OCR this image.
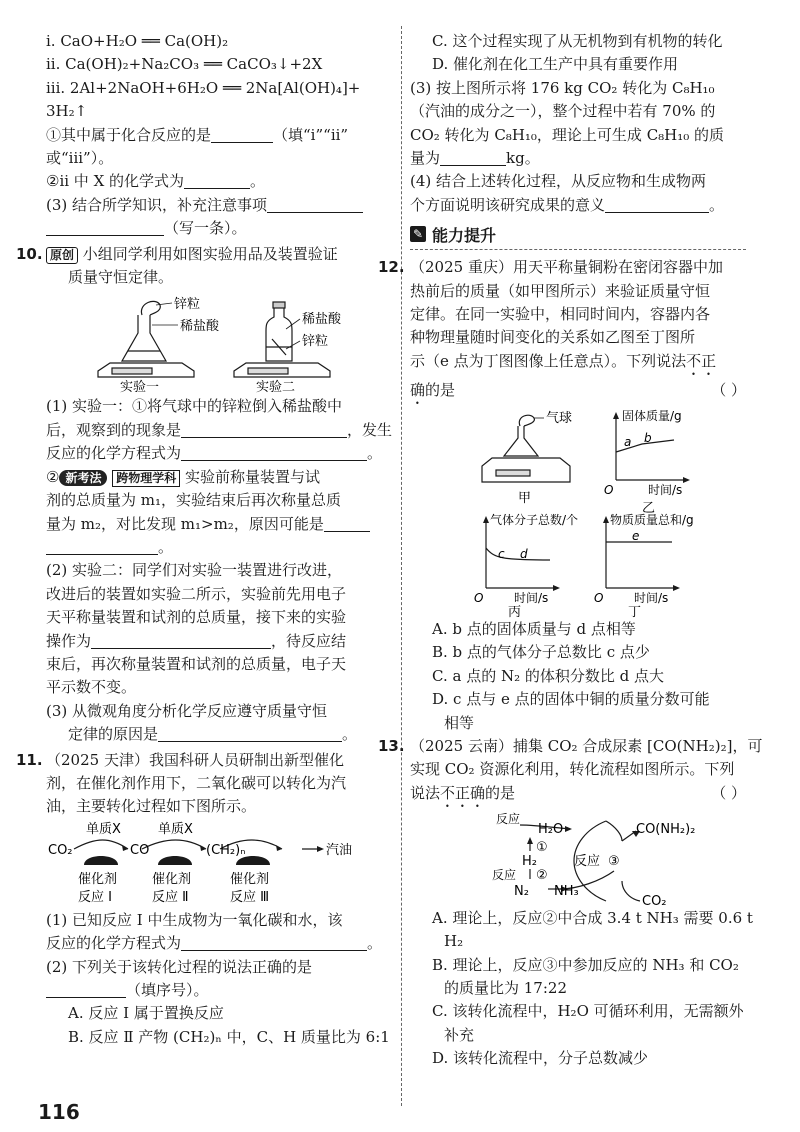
i. CaO+H₂O ══ Ca(OH)₂
ii. Ca(OH)₂+Na₂CO₃ ══ CaCO₃↓+2X
iii. 2Al+2NaOH+6H₂O ══ 2Na[Al(OH)₄]+
3H₂↑
①其中属于化合反应的是	（填“i”“ii”
或“iii”）。
②ii 中 X 的化学式为	。
(3) 结合所学知识，补充注意事项
（写一条）。
10. 原创 小组同学利用如图实验用品及装置验证
质量守恒定律。
锌粒
稀盐酸	稀盐酸
锌粒
实验一	实验二
(1) 实验一：①将气球中的锌粒倒入稀盐酸中
后，观察到的现象是	，发生
反应的化学方程式为	。
② 新考法 跨物理学科 实验前称量装置与试
剂的总质量为 m₁，实验结束后再次称量总质
量为 m₂，对比发现 m₁>m₂，原因可能是
。
(2) 实验二：同学们对实验一装置进行改进，
改进后的装置如实验二所示，实验前先用电子
天平称量装置和试剂的总质量，接下来的实验
操作为	，待反应结
束后，再次称量装置和试剂的总质量，电子天
平示数不变。
(3) 从微观角度分析化学反应遵守质量守恒
定律的原因是	。
11. （2025 天津）我国科研人员研制出新型催化
剂，在催化剂作用下，二氧化碳可以转化为汽
油，主要转化过程如下图所示。
单质X	单质X
CO₂	CO	(CH₂)ₙ	汽油
催化剂	催化剂	催化剂
反应 Ⅰ	反应 Ⅱ	反应 Ⅲ
(1) 已知反应 Ⅰ 中生成物为一氧化碳和水，该
反应的化学方程式为	。
(2) 下列关于该转化过程的说法正确的是
（填序号）。
A. 反应 Ⅰ 属于置换反应
B. 反应 Ⅱ 产物 (CH₂)ₙ 中，C、H 质量比为 6:1
C. 这个过程实现了从无机物到有机物的转化
D. 催化剂在化工生产中具有重要作用
(3) 按上图所示将 176 kg CO₂ 转化为 C₈H₁₀
（汽油的成分之一），整个过程中若有 70% 的
CO₂ 转化为 C₈H₁₀，理论上可生成 C₈H₁₀ 的质
量为	kg。
(4) 结合上述转化过程，从反应物和生成物两
个方面说明该研究成果的意义	。
✎ 能力提升
12. （2025 重庆）用天平称量铜粉在密闭容器中加
热前后的质量（如甲图所示）来验证质量守恒
定律。在同一实验中，相同时间内，容器内各
种物理量随时间变化的关系如乙图至丁图所
示（e 点为丁图图像上任意点）。下列说法不正
确的是	（ ）
气球
甲
固体质量/g
a b
O	时间/s
乙
气体分子总数/个
c d
O	时间/s
丙
物质质量总和/g
e
O	时间/s
丁
A. b 点的固体质量与 d 点相等
B. b 点的气体分子总数比 c 点少
C. a 点的 N₂ 的体积分数比 d 点大
D. c 点与 e 点的固体中铜的质量分数可能
相等
13. （2025 云南）捕集 CO₂ 合成尿素 [CO(NH₂)₂]，可
实现 CO₂ 资源化利用，转化流程如图所示。下列
说法不正确的是	（ ）
反应
H₂O
①
H₂	反应 ③
CO(NH₂)₂
反应 ②
N₂ NH₃
CO₂
A. 理论上，反应②中合成 3.4 t NH₃ 需要 0.6 t
H₂
B. 理论上，反应③中参加反应的 NH₃ 和 CO₂
的质量比为 17:22
C. 该转化流程中，H₂O 可循环利用，无需额外
补充
D. 该转化流程中，分子总数减少
116
